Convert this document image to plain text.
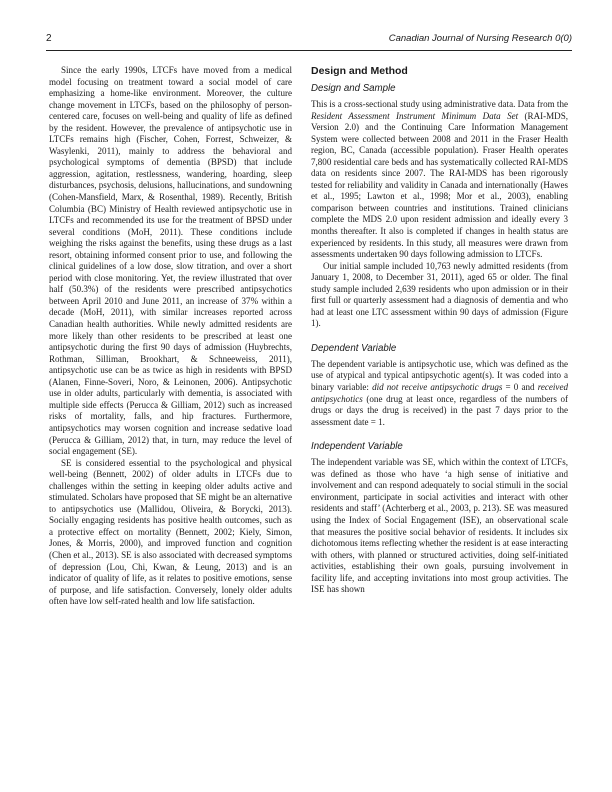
2	Canadian Journal of Nursing Research 0(0)

Since the early 1990s, LTCFs have moved from a medical model focusing on treatment toward a social model of care emphasizing a home-like environment. Moreover, the culture change movement in LTCFs, based on the philosophy of person-centered care, focuses on well-being and quality of life as defined by the resident. However, the prevalence of antipsychotic use in LTCFs remains high (Fischer, Cohen, Forrest, Schweizer, & Wasylenki, 2011), mainly to address the behavioral and psychological symptoms of dementia (BPSD) that include aggression, agitation, restlessness, wandering, hoarding, sleep disturbances, psychosis, delusions, hallucinations, and sundowning (Cohen-Mansfield, Marx, & Rosenthal, 1989). Recently, British Columbia (BC) Ministry of Health reviewed antipsychotic use in LTCFs and recommended its use for the treatment of BPSD under several conditions (MoH, 2011). These conditions include weighing the risks against the benefits, using these drugs as a last resort, obtaining informed consent prior to use, and following the clinical guidelines of a low dose, slow titration, and over a short period with close monitoring. Yet, the review illustrated that over half (50.3%) of the residents were prescribed antipsychotics between April 2010 and June 2011, an increase of 37% within a decade (MoH, 2011), with similar increases reported across Canadian health authorities. While newly admitted residents are more likely than other residents to be prescribed at least one antipsychotic during the first 90 days of admission (Huybrechts, Rothman, Silliman, Brookhart, & Schneeweiss, 2011), antipsychotic use can be as twice as high in residents with BPSD (Alanen, Finne-Soveri, Noro, & Leinonen, 2006). Antipsychotic use in older adults, particularly with dementia, is associated with multiple side effects (Perucca & Gilliam, 2012) such as increased risks of mortality, falls, and hip fractures. Furthermore, antipsychotics may worsen cognition and increase sedative load (Perucca & Gilliam, 2012) that, in turn, may reduce the level of social engagement (SE).

SE is considered essential to the psychological and physical well-being (Bennett, 2002) of older adults in LTCFs due to challenges within the setting in keeping older adults active and stimulated. Scholars have proposed that SE might be an alternative to antipsychotics use (Mallidou, Oliveira, & Borycki, 2013). Socially engaging residents has positive health outcomes, such as a protective effect on mortality (Bennett, 2002; Kiely, Simon, Jones, & Morris, 2000), and improved function and cognition (Chen et al., 2013). SE is also associated with decreased symptoms of depression (Lou, Chi, Kwan, & Leung, 2013) and is an indicator of quality of life, as it relates to positive emotions, sense of purpose, and life satisfaction. Conversely, lonely older adults often have low self-rated health and low life satisfaction.

Design and Method
Design and Sample

This is a cross-sectional study using administrative data. Data from the Resident Assessment Instrument Minimum Data Set (RAI-MDS, Version 2.0) and the Continuing Care Information Management System were collected between 2008 and 2011 in the Fraser Health region, BC, Canada (accessible population). Fraser Health operates 7,800 residential care beds and has systematically collected RAI-MDS data on residents since 2007. The RAI-MDS has been rigorously tested for reliability and validity in Canada and internationally (Hawes et al., 1995; Lawton et al., 1998; Mor et al., 2003), enabling comparison between countries and institutions. Trained clinicians complete the MDS 2.0 upon resident admission and ideally every 3 months thereafter. It also is completed if changes in health status are experienced by residents. In this study, all measures were drawn from assessments undertaken 90 days following admission to LTCFs.

Our initial sample included 10,763 newly admitted residents (from January 1, 2008, to December 31, 2011), aged 65 or older. The final study sample included 2,639 residents who upon admission or in their first full or quarterly assessment had a diagnosis of dementia and who had at least one LTC assessment within 90 days of admission (Figure 1).

Dependent Variable

The dependent variable is antipsychotic use, which was defined as the use of atypical and typical antipsychotic agent(s). It was coded into a binary variable: did not receive antipsychotic drugs = 0 and received antipsychotics (one drug at least once, regardless of the numbers of drugs or days the drug is received) in the past 7 days prior to the assessment date = 1.

Independent Variable

The independent variable was SE, which within the context of LTCFs, was defined as those who have ‘a high sense of initiative and involvement and can respond adequately to social stimuli in the social environment, participate in social activities and interact with other residents and staff’ (Achterberg et al., 2003, p. 213). SE was measured using the Index of Social Engagement (ISE), an observational scale that measures the positive social behavior of residents. It includes six dichotomous items reflecting whether the resident is at ease interacting with others, with planned or structured activities, doing self-initiated activities, establishing their own goals, pursuing involvement in facility life, and accepting invitations into most group activities. The ISE has shown
